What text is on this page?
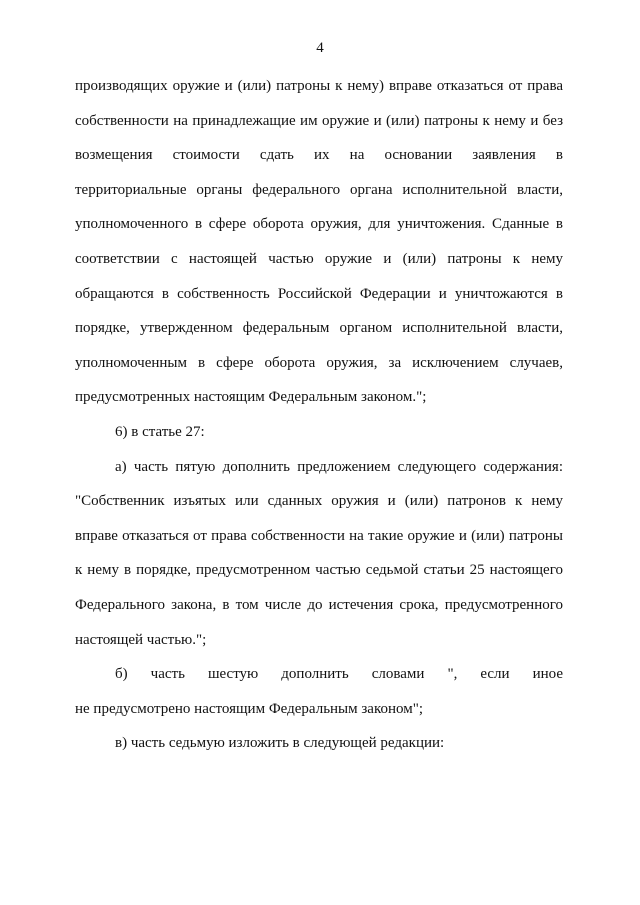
4
производящих оружие и (или) патроны к нему) вправе отказаться от права
собственности на принадлежащие им оружие и (или) патроны к нему и без
возмещения стоимости сдать их на основании заявления в
территориальные органы федерального органа исполнительной власти,
уполномоченного в сфере оборота оружия, для уничтожения. Сданные в
соответствии с настоящей частью оружие и (или) патроны к нему
обращаются в собственность Российской Федерации и уничтожаются в
порядке, утвержденном федеральным органом исполнительной власти,
уполномоченным в сфере оборота оружия, за исключением случаев,
предусмотренных настоящим Федеральным законом.";
6) в статье 27:
а) часть пятую дополнить предложением следующего содержания:
"Собственник изъятых или сданных оружия и (или) патронов к нему
вправе отказаться от права собственности на такие оружие и (или) патроны
к нему в порядке, предусмотренном частью седьмой статьи 25 настоящего
Федерального закона, в том числе до истечения срока, предусмотренного
настоящей частью.";
б) часть шестую дополнить словами ", если иное
не предусмотрено настоящим Федеральным законом";
в) часть седьмую изложить в следующей редакции:
